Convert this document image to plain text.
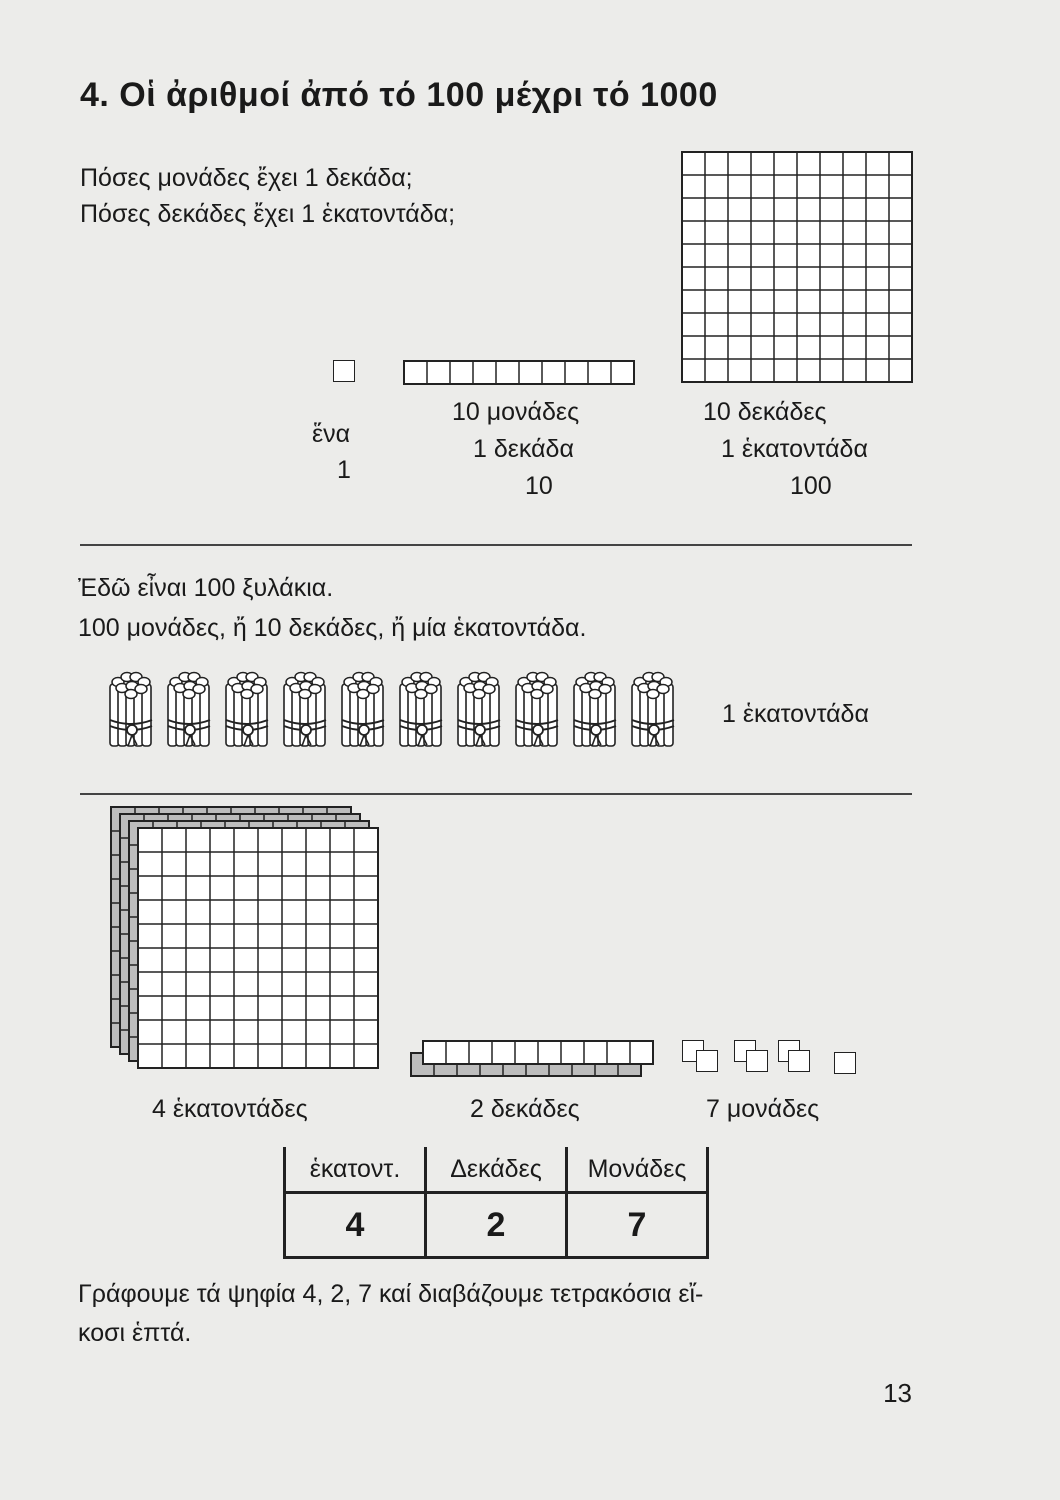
4. Οἱ ἀριθμοί ἀπό τό 100 μέχρι τό 1000
Πόσες μονάδες ἔχει 1 δεκάδα;
Πόσες δεκάδες ἔχει 1 ἑκατοντάδα;
ἕνα
1
10 μονάδες
1 δεκάδα
10
10 δεκάδες
1 ἑκατοντάδα
100
Ἐδῶ εἶναι 100 ξυλάκια.
100 μονάδες, ἤ 10 δεκάδες, ἤ μία ἑκατοντάδα.
1 ἑκατοντάδα
4 ἑκατοντάδες	2 δεκάδες	7 μονάδες
ἑκατοντ.	Δεκάδες	Μονάδες
4	2	7
Γράφουμε τά ψηφία 4, 2, 7 καί διαβάζουμε τετρακόσια εἴ-
κοσι ἑπτά.
13
